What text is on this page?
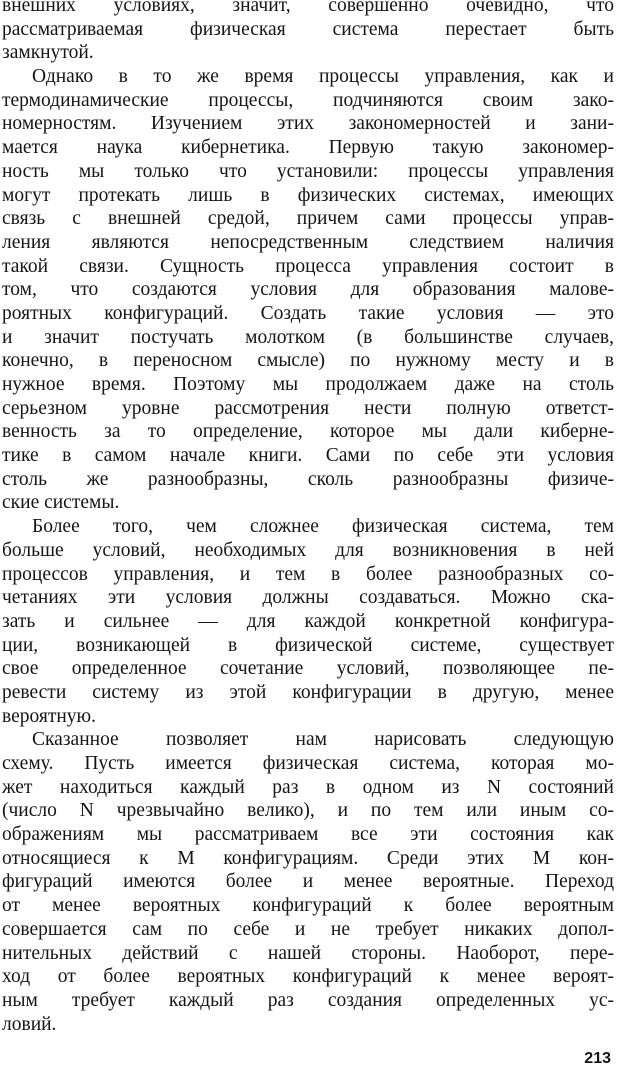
внешних условиях, значит, совершенно очевидно, что
рассматриваемая физическая система перестает быть
замкнутой.
Однако в то же время процессы управления, как и
термодинамические процессы, подчиняются своим зако-
номерностям. Изучением этих закономерностей и зани-
мается наука кибернетика. Первую такую закономер-
ность мы только что установили: процессы управления
могут протекать лишь в физических системах, имеющих
связь с внешней средой, причем сами процессы управ-
ления являются непосредственным следствием наличия
такой связи. Сущность процесса управления состоит в
том, что создаются условия для образования малове-
роятных конфигураций. Создать такие условия — это
и значит постучать молотком (в большинстве случаев,
конечно, в переносном смысле) по нужному месту и в
нужное время. Поэтому мы продолжаем даже на столь
серьезном уровне рассмотрения нести полную ответст-
венность за то определение, которое мы дали киберне-
тике в самом начале книги. Сами по себе эти условия
столь же разнообразны, сколь разнообразны физиче-
ские системы.
Более того, чем сложнее физическая система, тем
больше условий, необходимых для возникновения в ней
процессов управления, и тем в более разнообразных со-
четаниях эти условия должны создаваться. Можно ска-
зать и сильнее — для каждой конкретной конфигура-
ции, возникающей в физической системе, существует
свое определенное сочетание условий, позволяющее пе-
ревести систему из этой конфигурации в другую, менее
вероятную.
Сказанное позволяет нам нарисовать следующую
схему. Пусть имеется физическая система, которая мо-
жет находиться каждый раз в одном из N состояний
(число N чрезвычайно велико), и по тем или иным со-
ображениям мы рассматриваем все эти состояния как
относящиеся к M конфигурациям. Среди этих M кон-
фигураций имеются более и менее вероятные. Переход
от менее вероятных конфигураций к более вероятным
совершается сам по себе и не требует никаких допол-
нительных действий с нашей стороны. Наоборот, пере-
ход от более вероятных конфигураций к менее вероят-
ным требует каждый раз создания определенных ус-
ловий.
213
